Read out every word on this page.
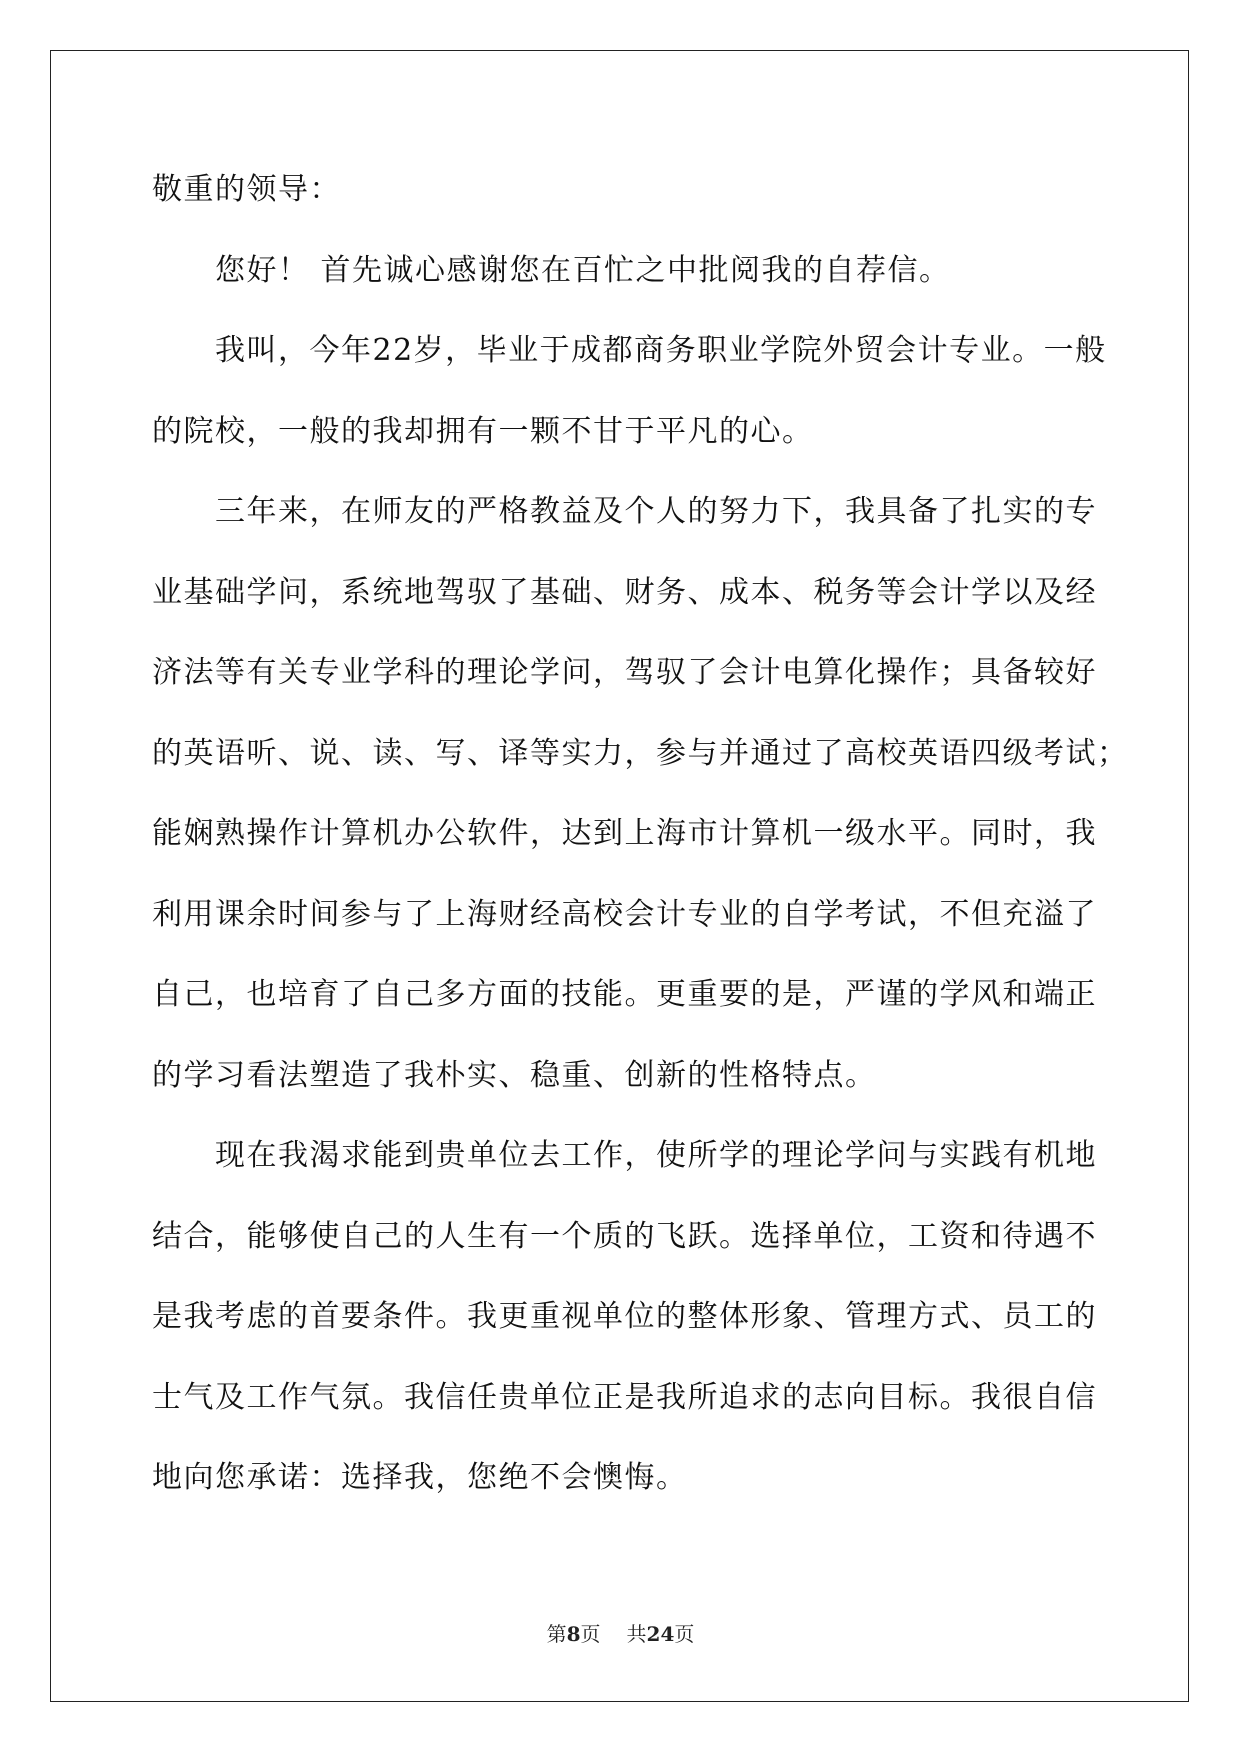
敬重的领导：
您好！ 首先诚心感谢您在百忙之中批阅我的自荐信。
我叫，今年22岁，毕业于成都商务职业学院外贸会计专业。一般
的院校，一般的我却拥有一颗不甘于平凡的心。
三年来，在师友的严格教益及个人的努力下，我具备了扎实的专
业基础学问，系统地驾驭了基础、财务、成本、税务等会计学以及经
济法等有关专业学科的理论学问，驾驭了会计电算化操作；具备较好
的英语听、说、读、写、译等实力，参与并通过了高校英语四级考试；
能娴熟操作计算机办公软件，达到上海市计算机一级水平。同时，我
利用课余时间参与了上海财经高校会计专业的自学考试，不但充溢了
自己，也培育了自己多方面的技能。更重要的是，严谨的学风和端正
的学习看法塑造了我朴实、稳重、创新的性格特点。
现在我渴求能到贵单位去工作，使所学的理论学问与实践有机地
结合，能够使自己的人生有一个质的飞跃。选择单位，工资和待遇不
是我考虑的首要条件。我更重视单位的整体形象、管理方式、员工的
士气及工作气氛。我信任贵单位正是我所追求的志向目标。我很自信
地向您承诺：选择我，您绝不会懊悔。
第8页 共24页
